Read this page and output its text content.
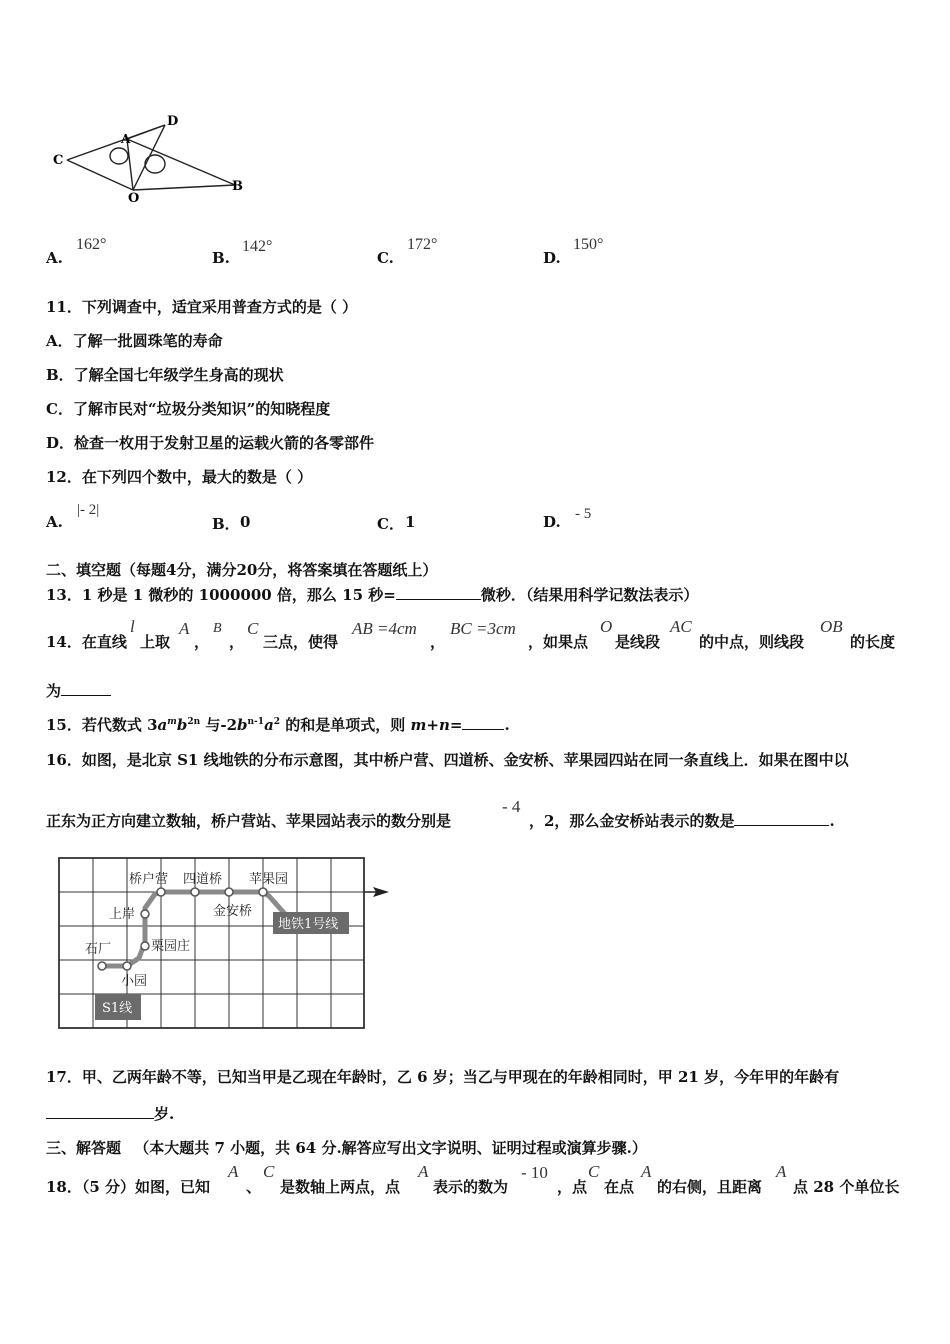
D
A
C
O
B
A.
162°
B.
142°
C.
172°
D.
150°
11．下列调查中，适宜采用普查方式的是（ ）
A．了解一批圆珠笔的寿命
B．了解全国七年级学生身高的现状
C．了解市民对“垃圾分类知识”的知晓程度
D．检查一枚用于发射卫星的运载火箭的各零部件
12．在下列四个数中，最大的数是（ ）
A.
|- 2|
B． 0	C． 1	D. - 5
二、填空题（每题4分，满分20分，将答案填在答题纸上）
13．1 秒是 1 微秒的 1000000 倍，那么 15 秒=	微秒．（结果用科学记数法表示）
14．在直线
l
上取
A
，
B
，
C
三点，使得
AB =4cm
，
BC =3cm
，如果点
O
是线段
AC
的中点，则线段
OB
的长度
为
15．若代数式 $3a^mb^{2n}$ 与$-2b^{n-1}a^2$ 的和是单项式，则 m+n=	.
16．如图，是北京 S1 线地铁的分布示意图，其中桥户营、四道桥、金安桥、苹果园四站在同一条直线上．如果在图中以
正东为正方向建立数轴，桥户营站、苹果园站表示的数分别是
- 4
，2，那么金安桥站表示的数是	.
桥户营 四道桥 苹果园
上岸	金安桥
石厂	栗园庄
小园
地铁1号线
S1线
17．甲、乙两年龄不等，已知当甲是乙现在年龄时，乙 6 岁；当乙与甲现在的年龄相同时，甲 21 岁，今年甲的年龄有
岁.
三、解答题 （本大题共 7 小题，共 64 分.解答应写出文字说明、证明过程或演算步骤.）
18．（5 分）如图，已知
A
、
C
是数轴上两点，点
A
表示的数为
- 10
，点
C
在点
A
的右侧，且距离
A
点 28 个单位长
